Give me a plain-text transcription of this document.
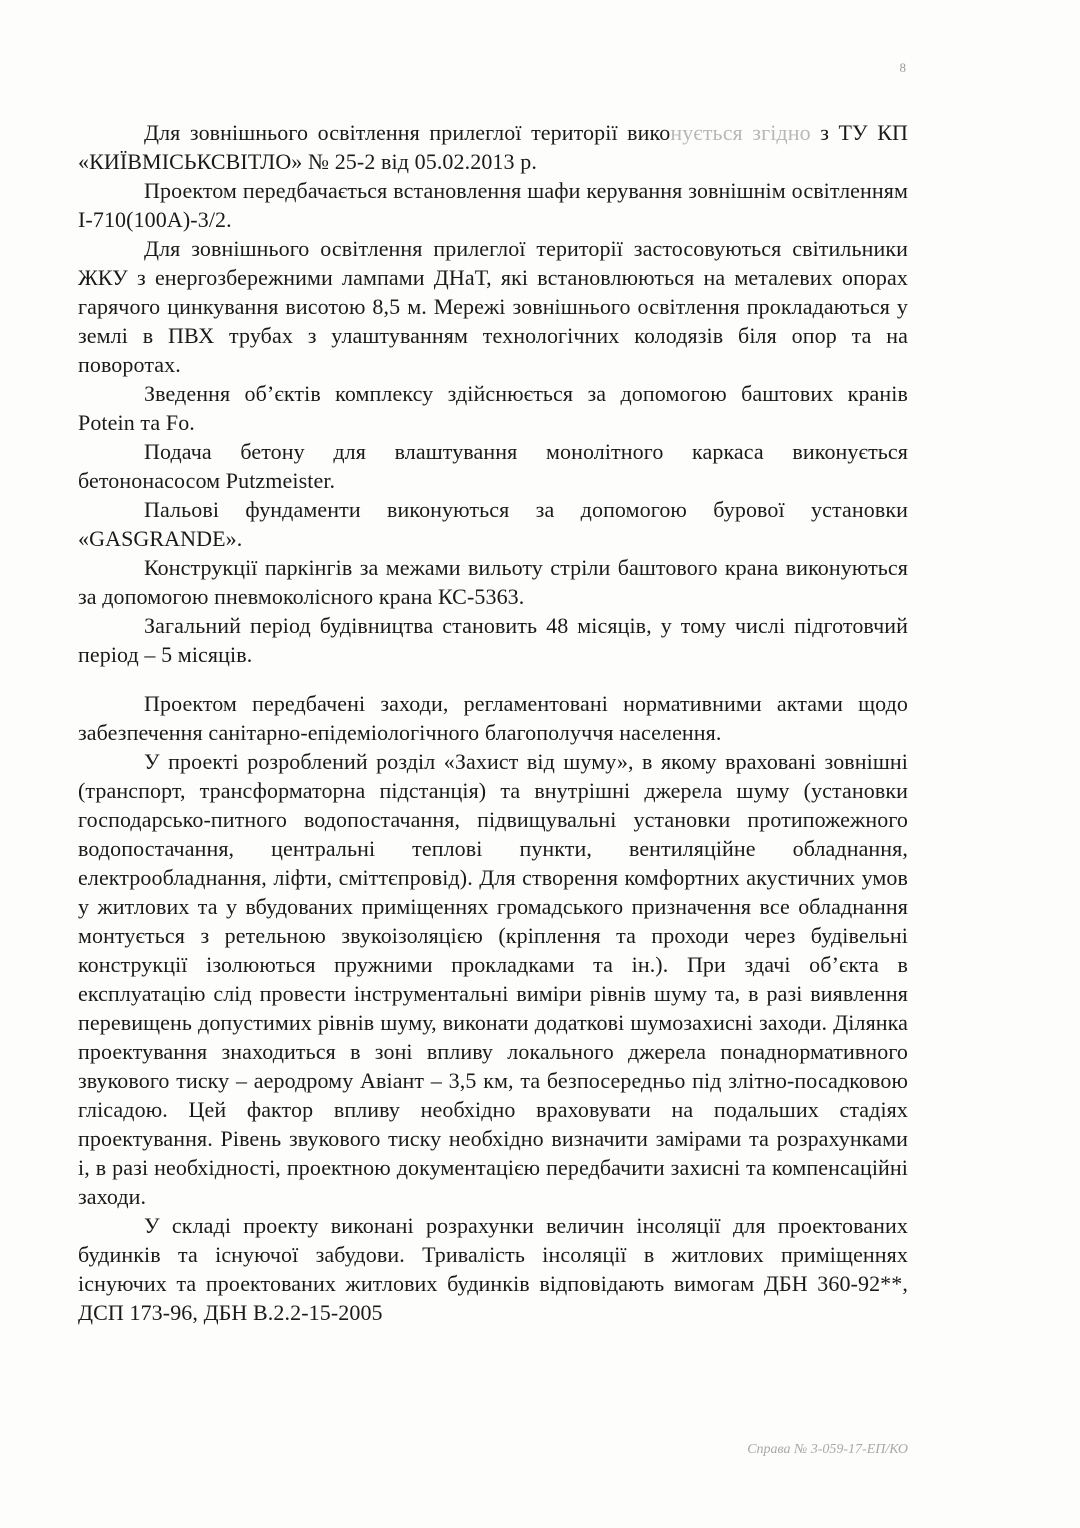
8

Для зовнішнього освітлення прилеглої території виконується згідно з ТУ КП «КИЇВМІСЬКСВІТЛО» № 25-2 від 05.02.2013 р.

Проектом передбачається встановлення шафи керування зовнішнім освітленням І-710(100А)-3/2.

Для зовнішнього освітлення прилеглої території застосовуються світильники ЖКУ з енергозбережними лампами ДНаТ, які встановлюються на металевих опорах гарячого цинкування висотою 8,5 м. Мережі зовнішнього освітлення прокладаються у землі в ПВХ трубах з улаштуванням технологічних колодязів біля опор та на поворотах.

Зведення об’єктів комплексу здійснюється за допомогою баштових кранів Potein та Fo.

Подача бетону для влаштування монолітного каркаса виконується бетононасосом Putzmeister.

Пальові фундаменти виконуються за допомогою бурової установки «GASGRANDE».

Конструкції паркінгів за межами вильоту стріли баштового крана виконуються за допомогою пневмоколісного крана КС-5363.

Загальний період будівництва становить 48 місяців, у тому числі підготовчий період – 5 місяців.

Проектом передбачені заходи, регламентовані нормативними актами щодо забезпечення санітарно-епідеміологічного благополуччя населення.

У проекті розроблений розділ «Захист від шуму», в якому враховані зовнішні (транспорт, трансформаторна підстанція) та внутрішні джерела шуму (установки господарсько-питного водопостачання, підвищувальні установки протипожежного водопостачання, центральні теплові пункти, вентиляційне обладнання, електрообладнання, ліфти, сміттєпровід). Для створення комфортних акустичних умов у житлових та у вбудованих приміщеннях громадського призначення все обладнання монтується з ретельною звукоізоляцією (кріплення та проходи через будівельні конструкції ізолюються пружними прокладками та ін.). При здачі об’єкта в експлуатацію слід провести інструментальні виміри рівнів шуму та, в разі виявлення перевищень допустимих рівнів шуму, виконати додаткові шумозахисні заходи. Ділянка проектування знаходиться в зоні впливу локального джерела понаднормативного звукового тиску – аеродрому Авіант – 3,5 км, та безпосередньо під злітно-посадковою глісадою. Цей фактор впливу необхідно враховувати на подальших стадіях проектування. Рівень звукового тиску необхідно визначити замірами та розрахунками і, в разі необхідності, проектною документацією передбачити захисні та компенсаційні заходи.

У складі проекту виконані розрахунки величин інсоляції для проектованих будинків та існуючої забудови. Тривалість інсоляції в житлових приміщеннях існуючих та проектованих житлових будинків відповідають вимогам ДБН 360-92**, ДСП 173-96, ДБН В.2.2-15-2005

Справа № 3-059-17-ЕП/КО
